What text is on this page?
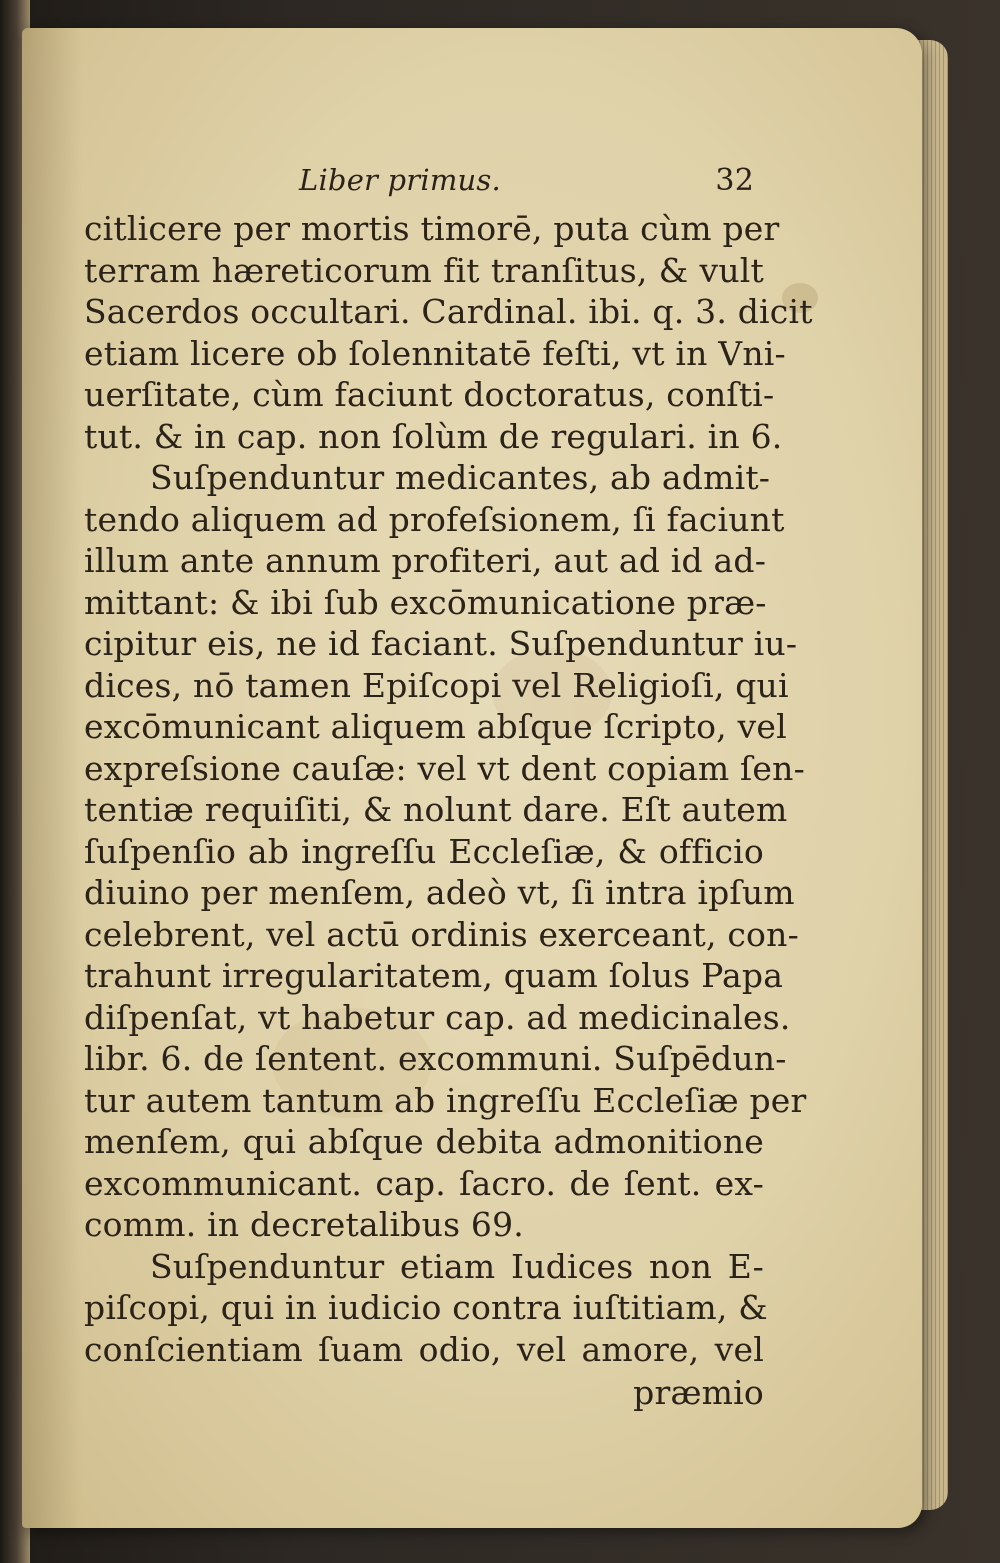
Liber primus.	32
citlicere per mortis timorē, puta cùm per
terram hæreticorum fit tranſitus, & vult
Sacerdos occultari. Cardinal. ibi. q. 3. dicit
etiam licere ob ſolennitatē feſti, vt in Vni-
uerſitate, cùm faciunt doctoratus, conſti-
tut. & in cap. non ſolùm de regulari. in 6.
Suſpenduntur medicantes, ab admit-
tendo aliquem ad profeſsionem, ſi faciunt
illum ante annum profiteri, aut ad id ad-
mittant: & ibi ſub excōmunicatione præ-
cipitur eis, ne id faciant. Suſpenduntur iu-
dices, nō tamen Epiſcopi vel Religioſi, qui
excōmunicant aliquem abſque ſcripto, vel
expreſsione cauſæ: vel vt dent copiam ſen-
tentiæ requiſiti, & nolunt dare. Eſt autem
ſuſpenſio ab ingreſſu Eccleſiæ, & officio
diuino per menſem, adeò vt, ſi intra ipſum
celebrent, vel actū ordinis exerceant, con-
trahunt irregularitatem, quam ſolus Papa
diſpenſat, vt habetur cap. ad medicinales.
libr. 6. de ſentent. excommuni. Suſpēdun-
tur autem tantum ab ingreſſu Eccleſiæ per
menſem, qui abſque debita admonitione
excommunicant. cap. ſacro. de ſent. ex-
comm. in decretalibus 69.
Suſpenduntur etiam Iudices non E-
piſcopi, qui in iudicio contra iuſtitiam, &
conſcientiam ſuam odio, vel amore, vel
præmio
